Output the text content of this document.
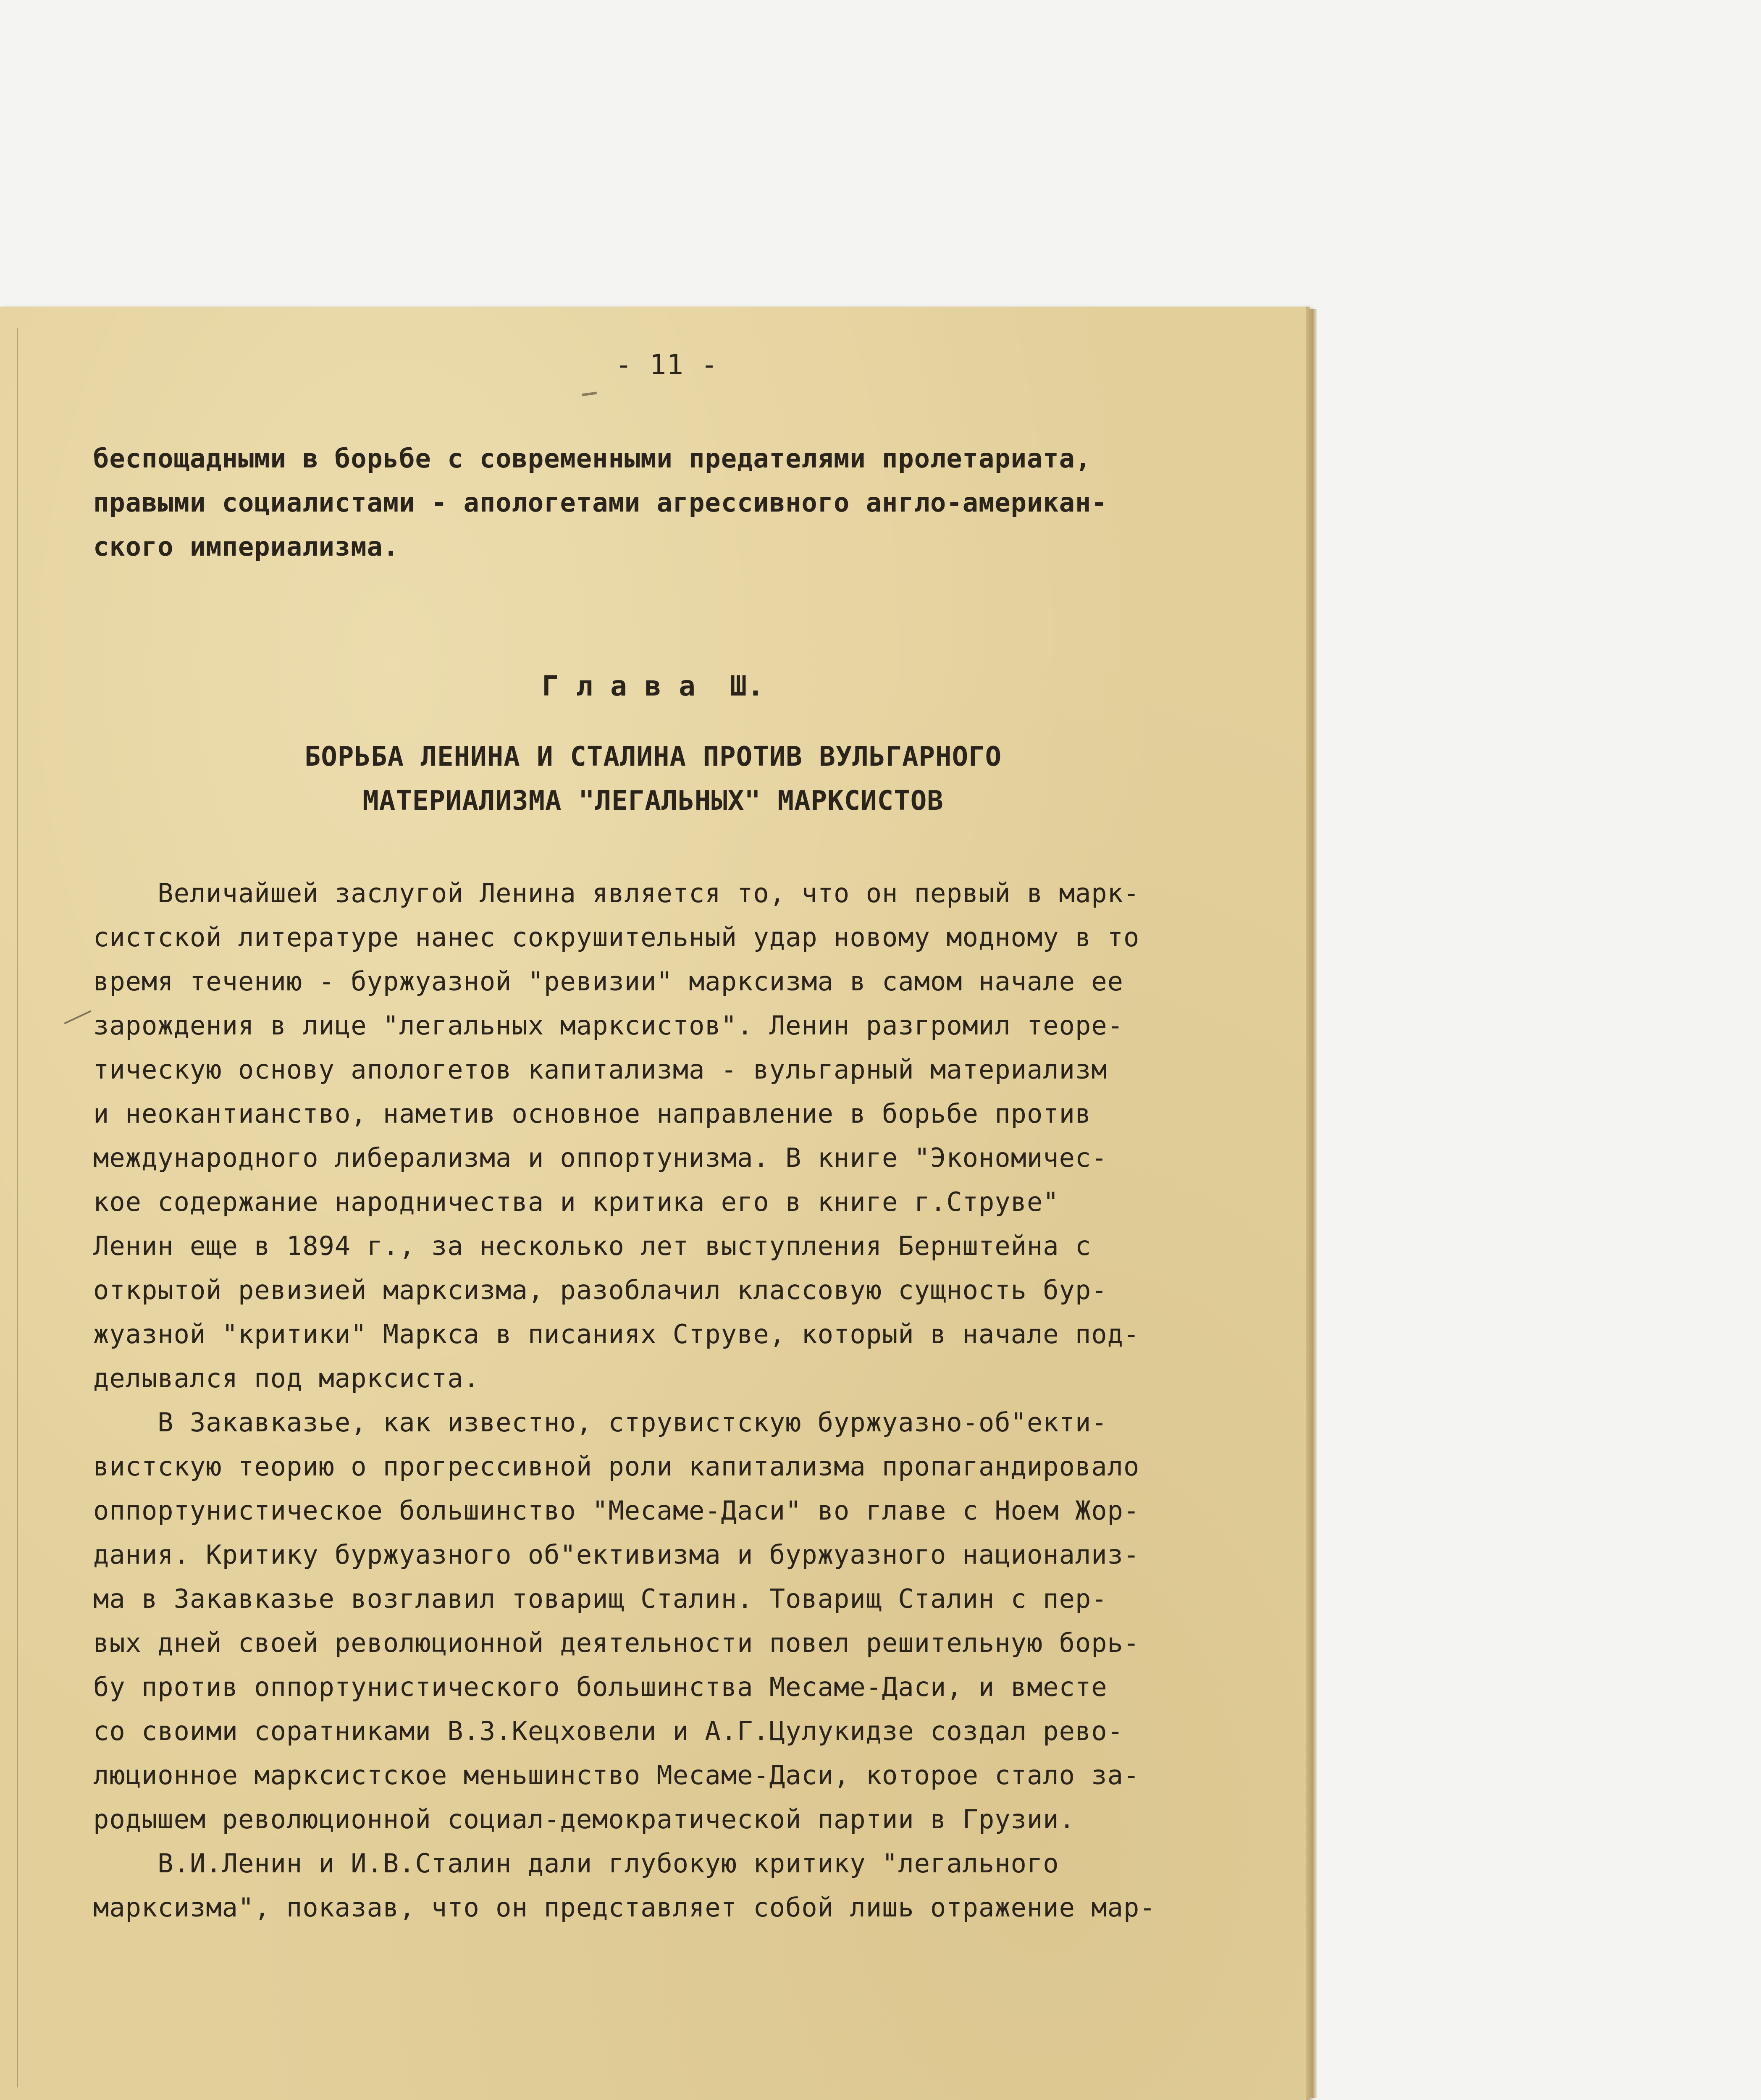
- 11 -
беспощадными в борьбе с современными предателями пролетариата,
правыми социалистами - апологетами агрессивного англо-американ-
ского империализма.
Г л а в а  Ш.
БОРЬБА ЛЕНИНА И СТАЛИНА ПРОТИВ ВУЛЬГАРНОГО
МАТЕРИАЛИЗМА "ЛЕГАЛЬНЫХ" МАРКСИСТОВ
Величайшей заслугой Ленина является то, что он первый в марк-
систской литературе нанес сокрушительный удар новому модному в то
время течению - буржуазной "ревизии" марксизма в самом начале ее
зарождения в лице "легальных марксистов". Ленин разгромил теоре-
тическую основу апологетов капитализма - вульгарный материализм
и неокантианство, наметив основное направление в борьбе против
международного либерализма и оппортунизма. В книге "Экономичес-
кое содержание народничества и критика его в книге г.Струве"
Ленин еще в 1894 г., за несколько лет выступления Бернштейна с
открытой ревизией марксизма, разоблачил классовую сущность бур-
жуазной "критики" Маркса в писаниях Струве, который в начале под-
делывался под марксиста.
В Закавказье, как известно, струвистскую буржуазно-об"екти-
вистскую теорию о прогрессивной роли капитализма пропагандировало
оппортунистическое большинство "Месаме-Даси" во главе с Ноем Жор-
дания. Критику буржуазного об"ективизма и буржуазного национализ-
ма в Закавказье возглавил товарищ Сталин. Товарищ Сталин с пер-
вых дней своей революционной деятельности повел решительную борь-
бу против оппортунистического большинства Месаме-Даси, и вместе
со своими соратниками В.З.Кецховели и А.Г.Цулукидзе создал рево-
люционное марксистское меньшинство Месаме-Даси, которое стало за-
родышем революционной социал-демократической партии в Грузии.
В.И.Ленин и И.В.Сталин дали глубокую критику "легального
марксизма", показав, что он представляет собой лишь отражение мар-
